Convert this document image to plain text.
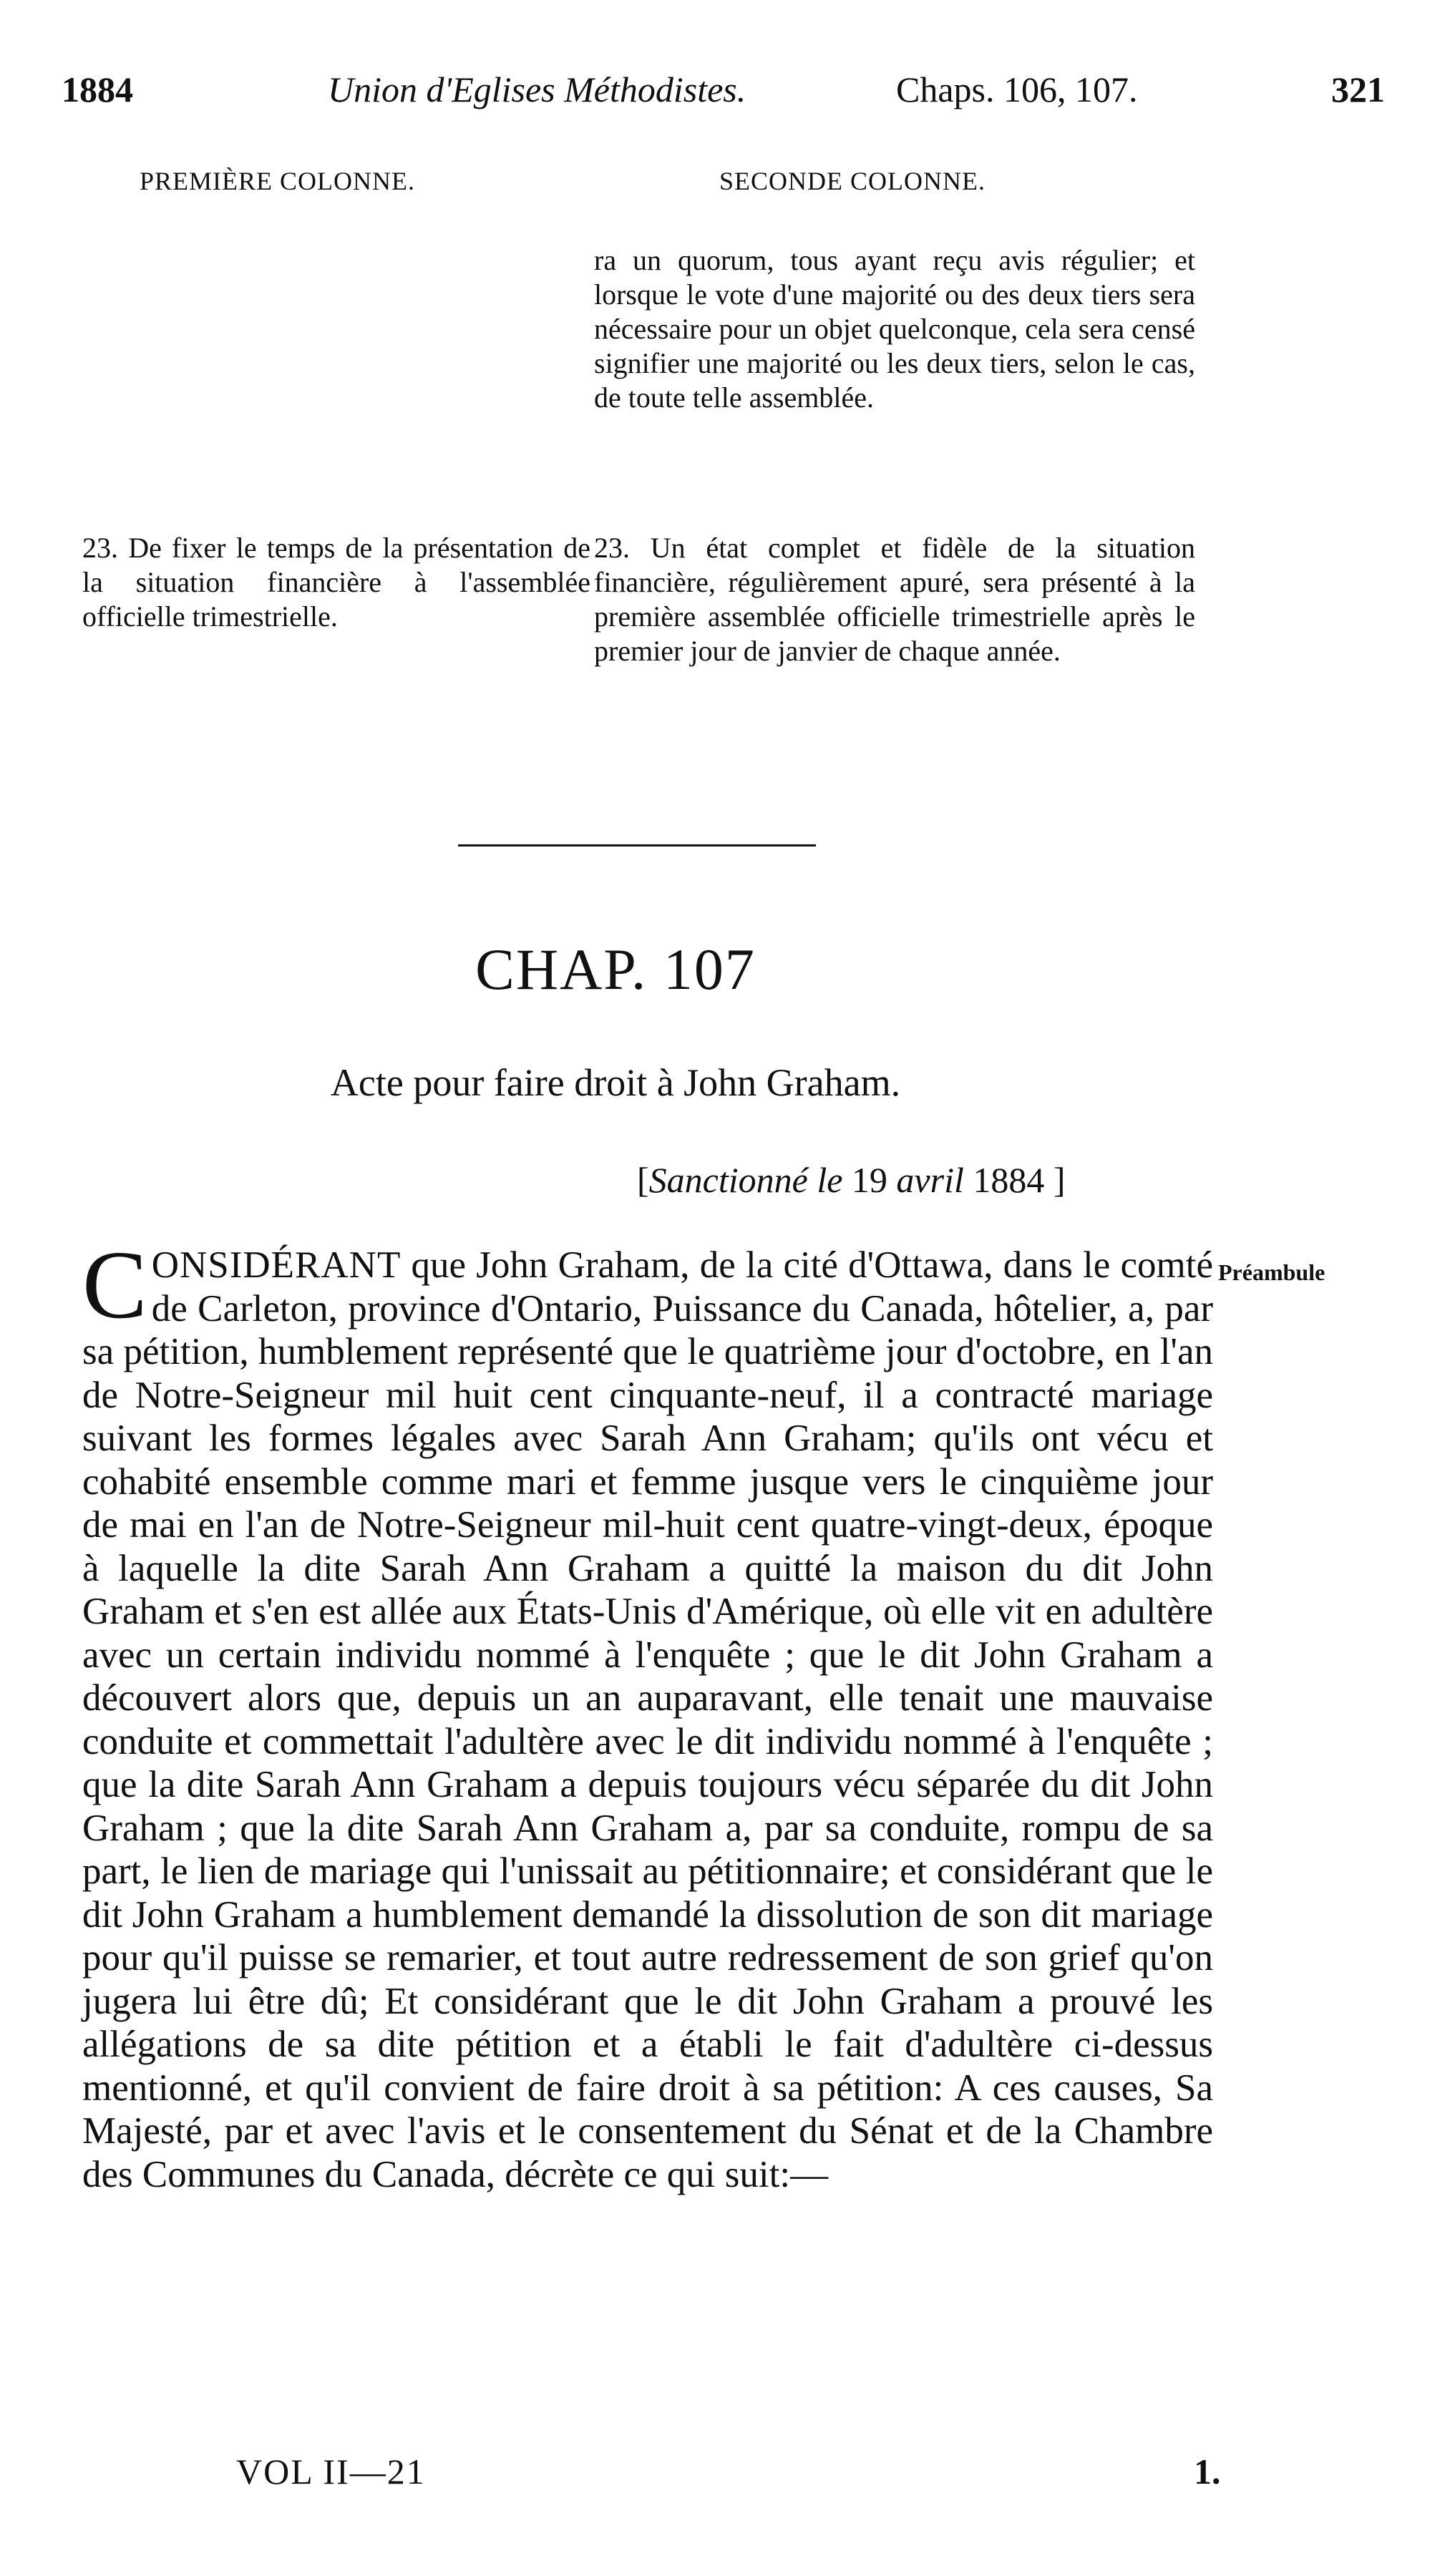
1884	Union d'Eglises Méthodistes.	Chaps. 106, 107.	321
PREMIÈRE COLONNE.	SECONDE COLONNE.
ra un quorum, tous ayant reçu avis régulier; et lorsque le vote d'une majorité ou des deux tiers sera nécessaire pour un objet quelconque, cela sera censé signifier une majorité ou les deux tiers, selon le cas, de toute telle assemblée.
23. De fixer le temps de la présentation de la situation financière à l'assemblée officielle trimestrielle.
23. Un état complet et fidèle de la situation financière, régulièrement apuré, sera présenté à la première assemblée officielle trimestrielle après le premier jour de janvier de chaque année.
CHAP. 107
Acte pour faire droit à John Graham.
[Sanctionné le 19 avril 1884 ]
Préambule
CONSIDÉRANT que John Graham, de la cité d'Ottawa, dans le comté de Carleton, province d'Ontario, Puissance du Canada, hôtelier, a, par sa pétition, humblement représenté que le quatrième jour d'octobre, en l'an de Notre-Seigneur mil huit cent cinquante-neuf, il a contracté mariage suivant les formes légales avec Sarah Ann Graham; qu'ils ont vécu et cohabité ensemble comme mari et femme jusque vers le cinquième jour de mai en l'an de Notre-Seigneur mil-huit cent quatre-vingt-deux, époque à laquelle la dite Sarah Ann Graham a quitté la maison du dit John Graham et s'en est allée aux États-Unis d'Amérique, où elle vit en adultère avec un certain individu nommé à l'enquête ; que le dit John Graham a découvert alors que, depuis un an auparavant, elle tenait une mauvaise conduite et commettait l'adultère avec le dit individu nommé à l'enquête ; que la dite Sarah Ann Graham a depuis toujours vécu séparée du dit John Graham ; que la dite Sarah Ann Graham a, par sa conduite, rompu de sa part, le lien de mariage qui l'unissait au pétitionnaire; et considérant que le dit John Graham a humblement demandé la dissolution de son dit mariage pour qu'il puisse se remarier, et tout autre redressement de son grief qu'on jugera lui être dû; Et considérant que le dit John Graham a prouvé les allégations de sa dite pétition et a établi le fait d'adultère ci-dessus mentionné, et qu'il convient de faire droit à sa pétition: A ces causes, Sa Majesté, par et avec l'avis et le consentement du Sénat et de la Chambre des Communes du Canada, décrète ce qui suit:—
VOL II—21	1.
